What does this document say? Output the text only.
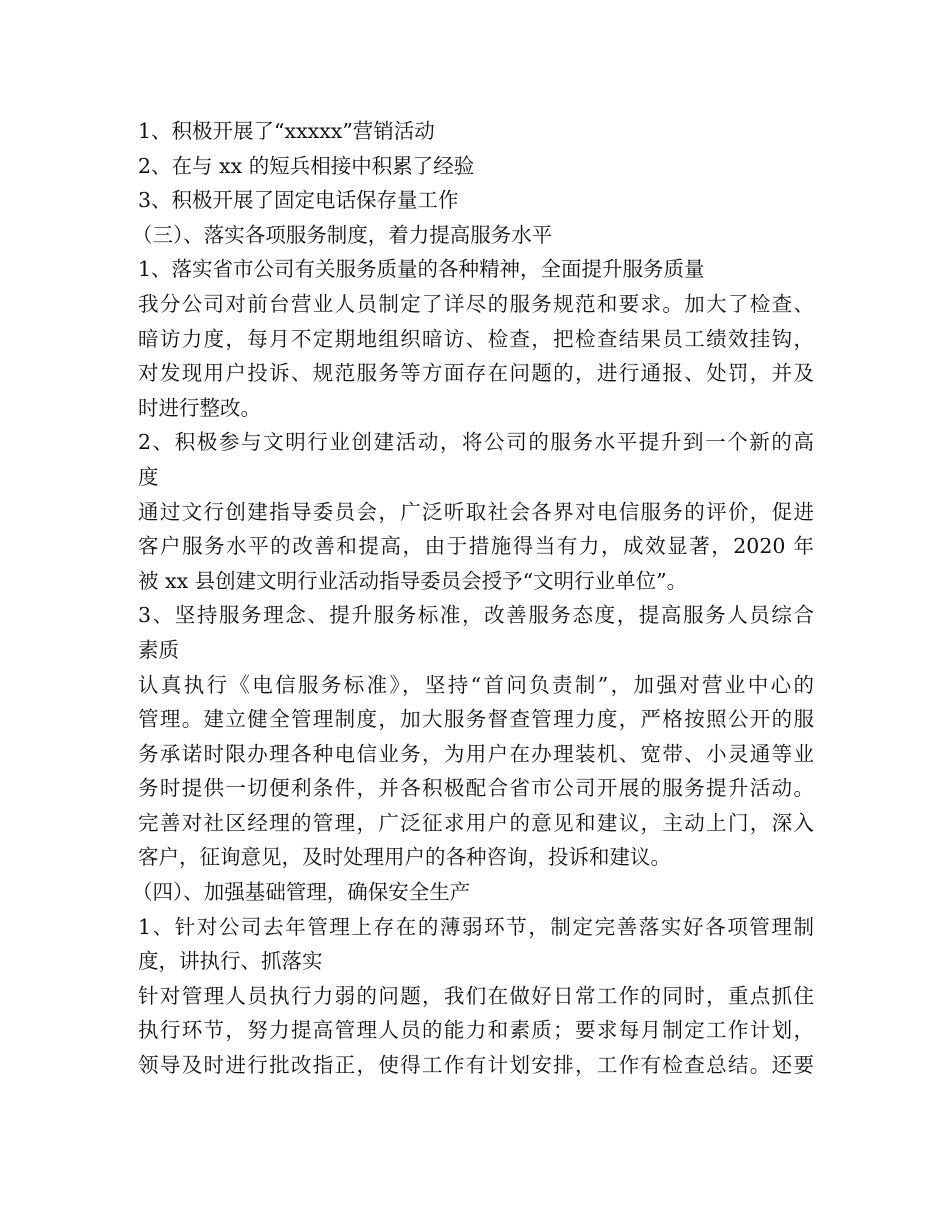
1、积极开展了“xxxxx”营销活动
2、在与 xx 的短兵相接中积累了经验
3、积极开展了固定电话保存量工作
（三）、落实各项服务制度，着力提高服务水平
1、落实省市公司有关服务质量的各种精神，全面提升服务质量
我分公司对前台营业人员制定了详尽的服务规范和要求。加大了检查、
暗访力度，每月不定期地组织暗访、检查，把检查结果员工绩效挂钩，
对发现用户投诉、规范服务等方面存在问题的，进行通报、处罚，并及
时进行整改。
2、积极参与文明行业创建活动，将公司的服务水平提升到一个新的高
度
通过文行创建指导委员会，广泛听取社会各界对电信服务的评价，促进
客户服务水平的改善和提高，由于措施得当有力，成效显著，2020 年
被 xx 县创建文明行业活动指导委员会授予“文明行业单位”。
3、坚持服务理念、提升服务标准，改善服务态度，提高服务人员综合
素质
认真执行《电信服务标准》，坚持“首问负责制”，加强对营业中心的
管理。建立健全管理制度，加大服务督查管理力度，严格按照公开的服
务承诺时限办理各种电信业务，为用户在办理装机、宽带、小灵通等业
务时提供一切便利条件，并各积极配合省市公司开展的服务提升活动。
完善对社区经理的管理，广泛征求用户的意见和建议，主动上门，深入
客户，征询意见，及时处理用户的各种咨询，投诉和建议。
（四）、加强基础管理，确保安全生产
1、针对公司去年管理上存在的薄弱环节，制定完善落实好各项管理制
度，讲执行、抓落实
针对管理人员执行力弱的问题，我们在做好日常工作的同时，重点抓住
执行环节，努力提高管理人员的能力和素质；要求每月制定工作计划，
领导及时进行批改指正，使得工作有计划安排，工作有检查总结。还要
